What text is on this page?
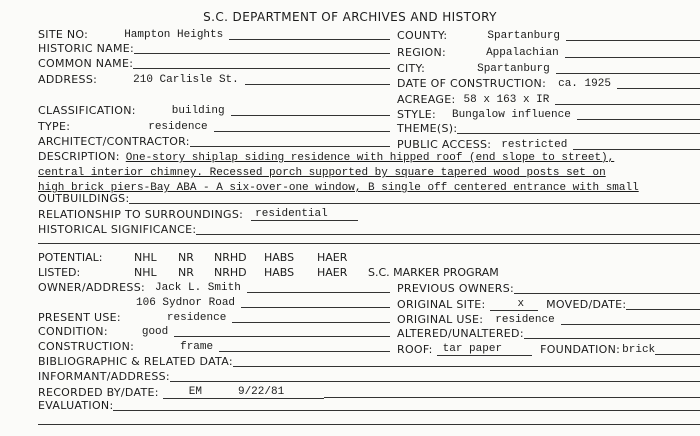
S.C. DEPARTMENT OF ARCHIVES AND HISTORY
SITE NO:	Hampton Heights
HISTORIC NAME:
COMMON NAME:
ADDRESS:	210 Carlisle St.
COUNTY:	Spartanburg
REGION:	Appalachian
CITY:	Spartanburg
DATE OF CONSTRUCTION: ca. 1925
ACREAGE: 58 x 163 x IR
CLASSIFICATION:	building
TYPE:	residence
ARCHITECT/CONTRACTOR:
STYLE: Bungalow influence
THEME(S):
PUBLIC ACCESS: restricted
DESCRIPTION: One-story shiplap siding residence with hipped roof (end slope to street),
central interior chimney. Recessed porch supported by square tapered wood posts set on
high brick piers-Bay ABA - A six-over-one window, B single off centered entrance with small
OUTBUILDINGS:
RELATIONSHIP TO SURROUNDINGS:	residential
HISTORICAL SIGNIFICANCE:
POTENTIAL:	NHL NR NRHD HABS HAER
LISTED:	NHL NR NRHD HABS HAER S.C. MARKER PROGRAM
OWNER/ADDRESS: Jack L. Smith
106 Sydnor Road
PRESENT USE:	residence
CONDITION:	good
CONSTRUCTION:	frame
PREVIOUS OWNERS:
ORIGINAL SITE:	x	MOVED/DATE:
ORIGINAL USE: residence
ALTERED/UNALTERED:
ROOF: tar paper	FOUNDATION: brick
BIBLIOGRAPHIC & RELATED DATA:
INFORMANT/ADDRESS:
RECORDED BY/DATE:	EM	9/22/81
EVALUATION:
